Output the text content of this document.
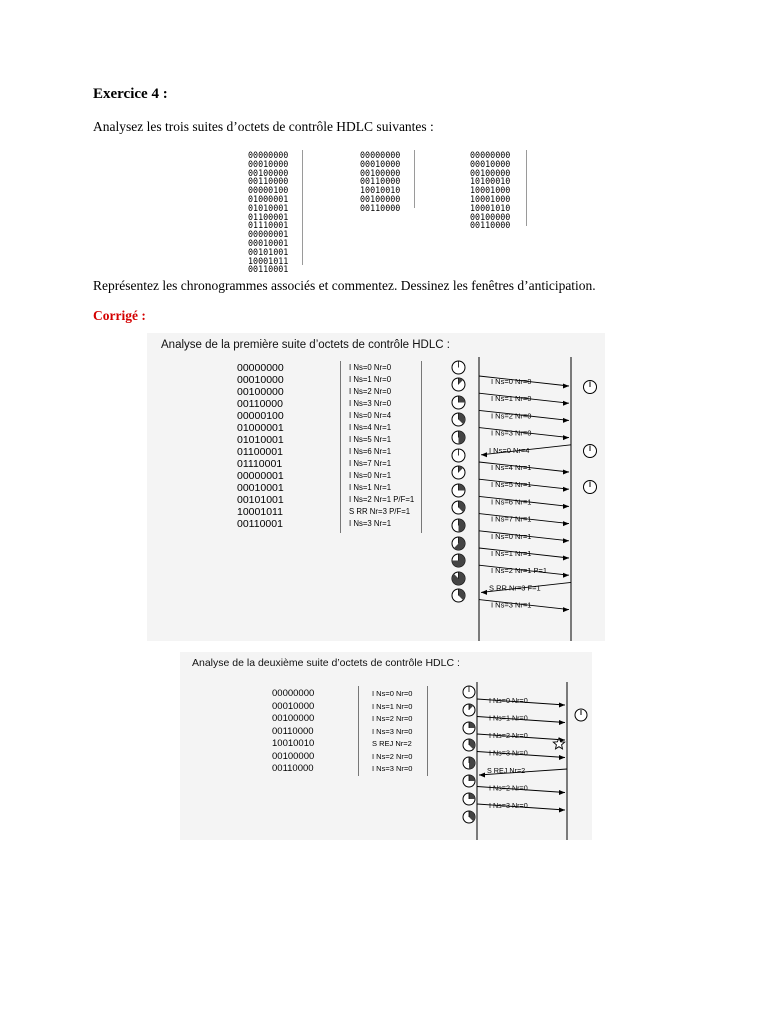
Exercice 4 :
Analysez les trois suites d’octets de contrôle HDLC suivantes :
00000000
00010000
00100000
00110000
00000100
01000001
01010001
01100001
01110001
00000001
00010001
00101001
10001011
00110001
00000000
00010000
00100000
00110000
10010010
00100000
00110000
00000000
00010000
00100000
10100010
10001000
10001000
10001010
00100000
00110000
Représentez les chronogrammes associés et commentez. Dessinez les fenêtres d’anticipation.
Corrigé :
Analyse de la première suite d’octets de contrôle HDLC :
00000000
00010000
00100000
00110000
00000100
01000001
01010001
01100001
01110001
00000001
00010001
00101001
10001011
00110001
I Ns=0 Nr=0
I Ns=1 Nr=0
I Ns=2 Nr=0
I Ns=3 Nr=0
I Ns=0 Nr=4
I Ns=4 Nr=1
I Ns=5 Nr=1
I Ns=6 Nr=1
I Ns=7 Nr=1
I Ns=0 Nr=1
I Ns=1 Nr=1
I Ns=2 Nr=1 P/F=1
S RR Nr=3 P/F=1
I Ns=3 Nr=1
I Ns=0 Nr=0
I Ns=1 Nr=0
I Ns=2 Nr=0
I Ns=3 Nr=0
I Ns=0 Nr=4
I Ns=4 Nr=1
I Ns=5 Nr=1
I Ns=6 Nr=1
I Ns=7 Nr=1
I Ns=0 Nr=1
I Ns=1 Nr=1
I Ns=2 Nr=1 P=1
S RR Nr=3 F=1
I Ns=3 Nr=1
Analyse de la deuxième suite d’octets de contrôle HDLC :
00000000
00010000
00100000
00110000
10010010
00100000
00110000
I Ns=0 Nr=0
I Ns=1 Nr=0
I Ns=2 Nr=0
I Ns=3 Nr=0
S REJ Nr=2
I Ns=2 Nr=0
I Ns=3 Nr=0
I Ns=0 Nr=0
I Ns=1 Nr=0
I Ns=2 Nr=0
I Ns=3 Nr=0
S REJ Nr=2
I Ns=2 Nr=0
I Ns=3 Nr=0
